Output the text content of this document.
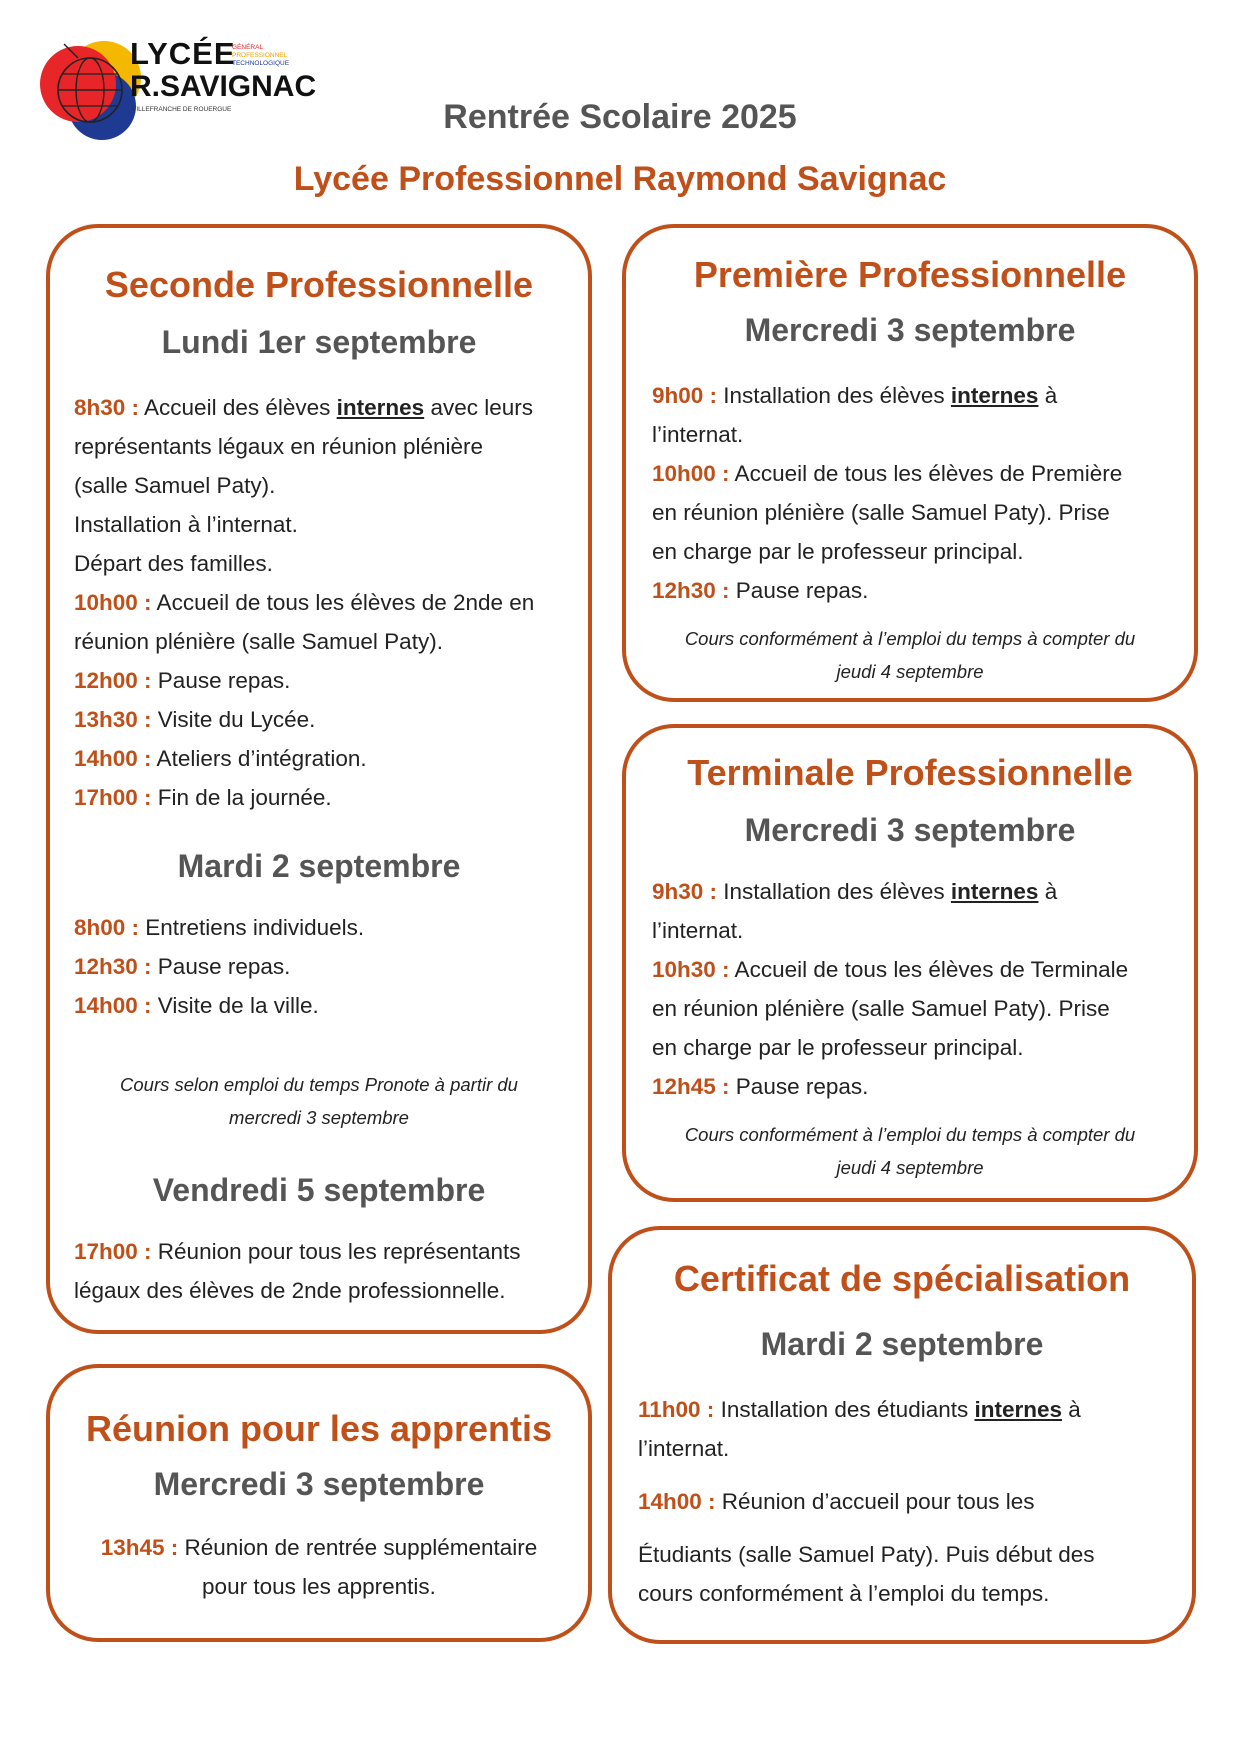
LYCÉE
GÉNÉRAL
PROFESSIONNEL
TECHNOLOGIQUE
R.SAVIGNAC
VILLEFRANCHE DE ROUERGUE	Rentrée Scolaire 2025
Lycée Professionnel Raymond Savignac
Seconde Professionnelle
Lundi 1er septembre
8h30 : Accueil des élèves internes avec leurs
représentants légaux en réunion plénière
(salle Samuel Paty).
Installation à l’internat.
Départ des familles.
10h00 : Accueil de tous les élèves de 2nde en
réunion plénière (salle Samuel Paty).
12h00 : Pause repas.
13h30 : Visite du Lycée.
14h00 : Ateliers d’intégration.
17h00 : Fin de la journée.
Mardi 2 septembre
8h00 : Entretiens individuels.
12h30 : Pause repas.
14h00 : Visite de la ville.
Cours selon emploi du temps Pronote à partir du
mercredi 3 septembre
Vendredi 5 septembre
17h00 : Réunion pour tous les représentants
légaux des élèves de 2nde professionnelle.
Réunion pour les apprentis
Mercredi 3 septembre
13h45 : Réunion de rentrée supplémentaire
pour tous les apprentis.
Première Professionnelle
Mercredi 3 septembre
9h00 : Installation des élèves internes à
l’internat.
10h00 : Accueil de tous les élèves de Première
en réunion plénière (salle Samuel Paty). Prise
en charge par le professeur principal.
12h30 : Pause repas.
Cours conformément à l’emploi du temps à compter du
jeudi 4 septembre
Terminale Professionnelle
Mercredi 3 septembre
9h30 : Installation des élèves internes à
l’internat.
10h30 : Accueil de tous les élèves de Terminale
en réunion plénière (salle Samuel Paty). Prise
en charge par le professeur principal.
12h45 : Pause repas.
Cours conformément à l’emploi du temps à compter du
jeudi 4 septembre
Certificat de spécialisation
Mardi 2 septembre
11h00 : Installation des étudiants internes à
l’internat.
14h00 : Réunion d’accueil pour tous les
Étudiants (salle Samuel Paty). Puis début des
cours conformément à l’emploi du temps.
